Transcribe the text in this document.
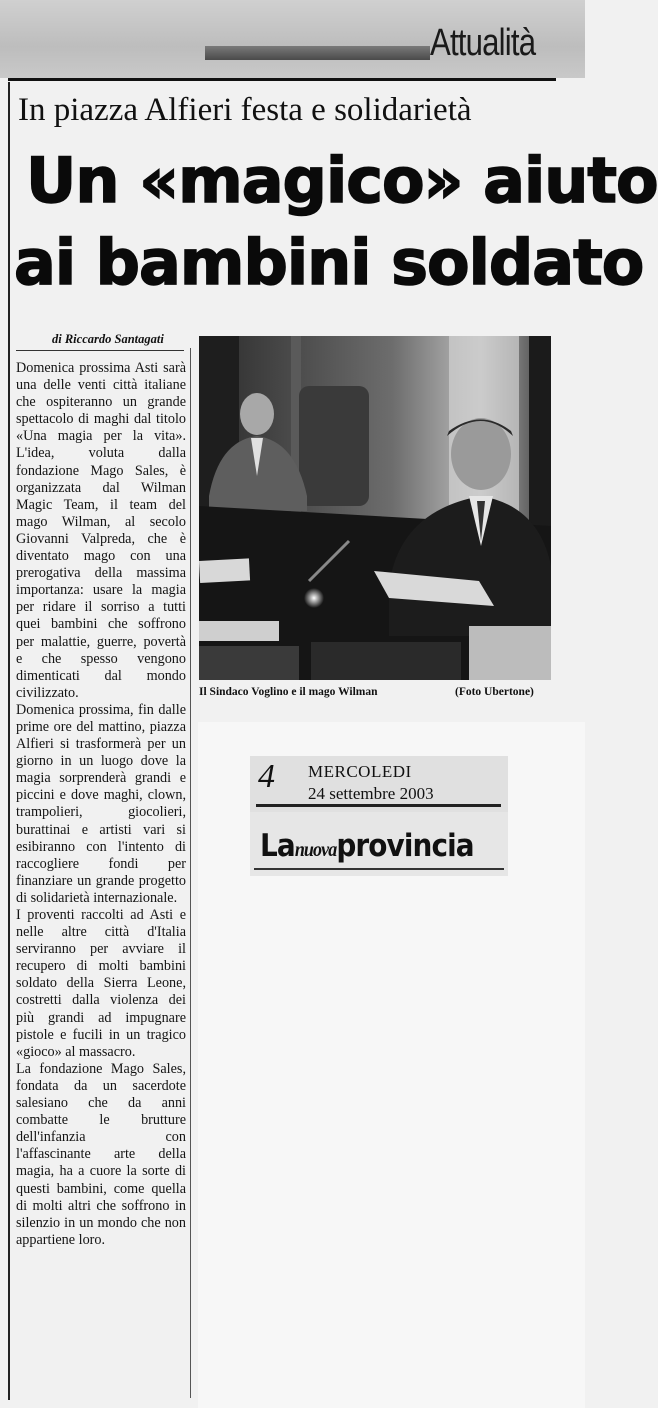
Attualità
In piazza Alfieri festa e solidarietà
Un «magico» aiuto
ai bambini soldato
di Riccardo Santagati

Domenica prossima Asti sarà una delle venti città italiane che ospiteranno un grande spettacolo di maghi dal titolo «Una magia per la vita». L'idea, voluta dalla fondazione Mago Sales, è organizzata dal Wilman Magic Team, il team del mago Wilman, al secolo Giovanni Valpreda, che è diventato mago con una prerogativa della massima importanza: usare la magia per ridare il sorriso a tutti quei bambini che soffrono per malattie, guerre, povertà e che spesso vengono dimenticati dal mondo civilizzato.

Domenica prossima, fin dalle prime ore del mattino, piazza Alfieri si trasformerà per un giorno in un luogo dove la magia sorprenderà grandi e piccini e dove maghi, clown, trampolieri, giocolieri, burattinai e artisti vari si esibiranno con l'intento di raccogliere fondi per finanziare un grande progetto di solidarietà internazionale.

I proventi raccolti ad Asti e nelle altre città d'Italia serviranno per avviare il recupero di molti bambini soldato della Sierra Leone, costretti dalla violenza dei più grandi ad impugnare pistole e fucili in un tragico «gioco» al massacro.

La fondazione Mago Sales, fondata da un sacerdote salesiano che da anni combatte le brutture dell'infanzia con l'affascinante arte della magia, ha a cuore la sorte di questi bambini, come quella di molti altri che soffrono in silenzio in un mondo che non appartiene loro.

Il Sindaco Voglino e il mago Wilman	(Foto Ubertone)
4 MERCOLEDI
24 settembre 2003
Lanuovaprovincia
